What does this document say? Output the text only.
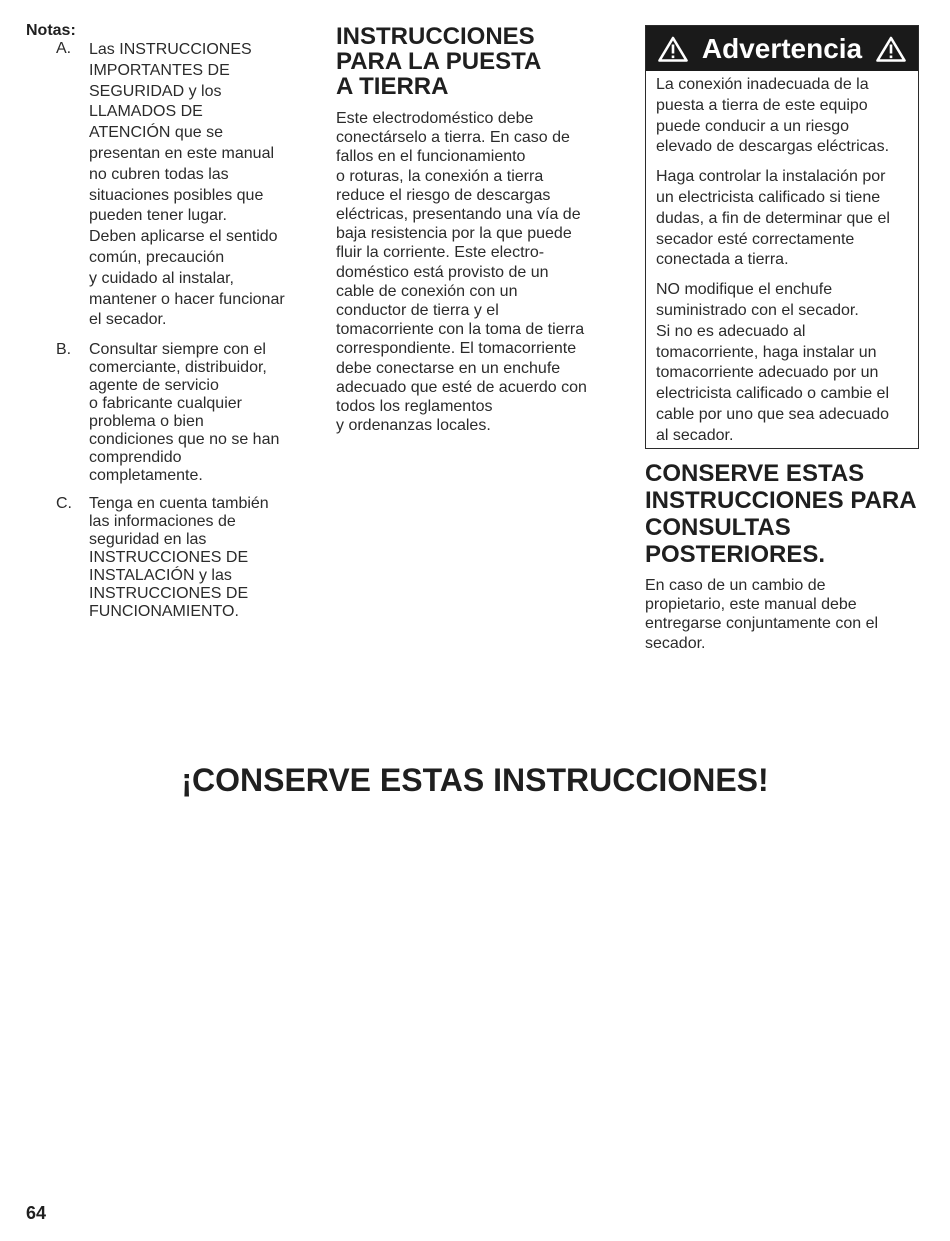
Notas:
A. Las INSTRUCCIONES
IMPORTANTES DE
SEGURIDAD y los
LLAMADOS DE
ATENCIÓN que se
presentan en este manual
no cubren todas las
situaciones posibles que
pueden tener lugar.
Deben aplicarse el sentido
común, precaución
y cuidado al instalar,
mantener o hacer funcionar
el secador.
B. Consultar siempre con el
comerciante, distribuidor,
agente de servicio
o fabricante cualquier
problema o bien
condiciones que no se han
comprendido
completamente.
C. Tenga en cuenta también
las informaciones de
seguridad en las
INSTRUCCIONES DE
INSTALACIÓN y las
INSTRUCCIONES DE
FUNCIONAMIENTO.
INSTRUCCIONES
PARA LA PUESTA
A TIERRA

Este electrodoméstico debe
conectárselo a tierra. En caso de
fallos en el funcionamiento
o roturas, la conexión a tierra
reduce el riesgo de descargas
eléctricas, presentando una vía de
baja resistencia por la que puede
fluir la corriente. Este electro-
doméstico está provisto de un
cable de conexión con un
conductor de tierra y el
tomacorriente con la toma de tierra
correspondiente. El tomacorriente
debe conectarse en un enchufe
adecuado que esté de acuerdo con
todos los reglamentos
y ordenanzas locales.

Advertencia

La conexión inadecuada de la
puesta a tierra de este equipo
puede conducir a un riesgo
elevado de descargas eléctricas.

Haga controlar la instalación por
un electricista calificado si tiene
dudas, a fin de determinar que el
secador esté correctamente
conectada a tierra.

NO modifique el enchufe
suministrado con el secador.
Si no es adecuado al
tomacorriente, haga instalar un
tomacorriente adecuado por un
electricista calificado o cambie el
cable por uno que sea adecuado
al secador.

CONSERVE ESTAS
INSTRUCCIONES PARA
CONSULTAS
POSTERIORES.

En caso de un cambio de
propietario, este manual debe
entregarse conjuntamente con el
secador.

¡CONSERVE ESTAS INSTRUCCIONES!
64
